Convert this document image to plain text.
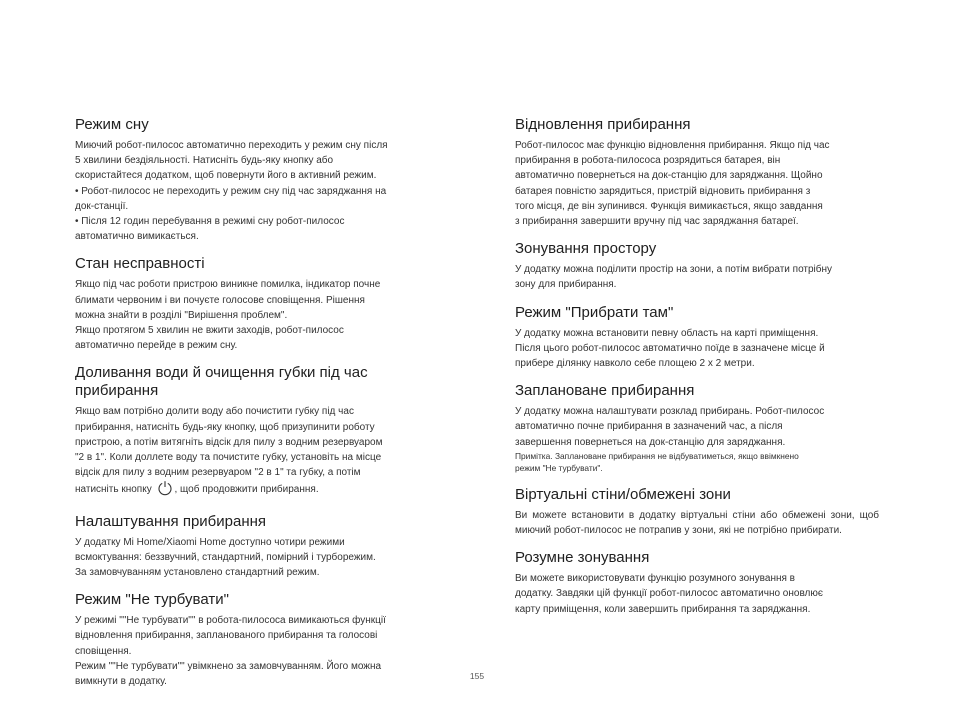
Режим сну

Миючий робот-пилосос автоматично переходить у режим сну після
5 хвилини бездіяльності. Натисніть будь-яку кнопку або
скористайтеся додатком, щоб повернути його в активний режим.
• Робот-пилосос не переходить у режим сну під час заряджання на
док-станції.
• Після 12 годин перебування в режимі сну робот-пилосос
автоматично вимикається.

Стан несправності

Якщо під час роботи пристрою виникне помилка, індикатор почне
блимати червоним і ви почуєте голосове сповіщення. Рішення
можна знайти в розділі "Вирішення проблем".
Якщо протягом 5 хвилин не вжити заходів, робот-пилосос
автоматично перейде в режим сну.

Доливання води й очищення губки під час
прибирання

Якщо вам потрібно долити воду або почистити губку під час
прибирання, натисніть будь-яку кнопку, щоб призупинити роботу
пристрою, а потім витягніть відсік для пилу з водним резервуаром
"2 в 1". Коли доллете воду та почистите губку, установіть на місце
відсік для пилу з водним резервуаром "2 в 1" та губку, а потім
натисніть кнопку , щоб продовжити прибирання.

Налаштування прибирання

У додатку Mi Home/Xiaomi Home доступно чотири режими
всмоктування: беззвучний, стандартний, помірний і турборежим.
За замовчуванням установлено стандартний режим.

Режим "Не турбувати"

У режимі ""Не турбувати"" в робота-пилососа вимикаються функції
відновлення прибирання, запланованого прибирання та голосові
сповіщення.
Режим ""Не турбувати"" увімкнено за замовчуванням. Його можна
вимкнути в додатку.

Відновлення прибирання

Робот-пилосос має функцію відновлення прибирання. Якщо під час
прибирання в робота-пилососа розрядиться батарея, він
автоматично повернеться на док-станцію для заряджання. Щойно
батарея повністю зарядиться, пристрій відновить прибирання з
того місця, де він зупинився. Функція вимикається, якщо завдання
з прибирання завершити вручну під час заряджання батареї.

Зонування простору

У додатку можна поділити простір на зони, а потім вибрати потрібну
зону для прибирання.

Режим "Прибрати там"

У додатку можна встановити певну область на карті приміщення.
Після цього робот-пилосос автоматично поїде в зазначене місце й
прибере ділянку навколо себе площею 2 х 2 метри.

Заплановане прибирання

У додатку можна налаштувати розклад прибирань. Робот-пилосос
автоматично почне прибирання в зазначений час, а після
завершення повернеться на док-станцію для заряджання.

Примітка. Заплановане прибирання не відбуватиметься, якщо ввімкнено
режим "Не турбувати".

Віртуальні стіни/обмежені зони

Ви можете встановити в додатку віртуальні стіни або обмежені зони, щоб миючий робот-пилосос не потрапив у зони, які не потрібно прибирати.

Розумне зонування

Ви можете використовувати функцію розумного зонування в
додатку. Завдяки цій функції робот-пилосос автоматично оновлює
карту приміщення, коли завершить прибирання та заряджання.

155
